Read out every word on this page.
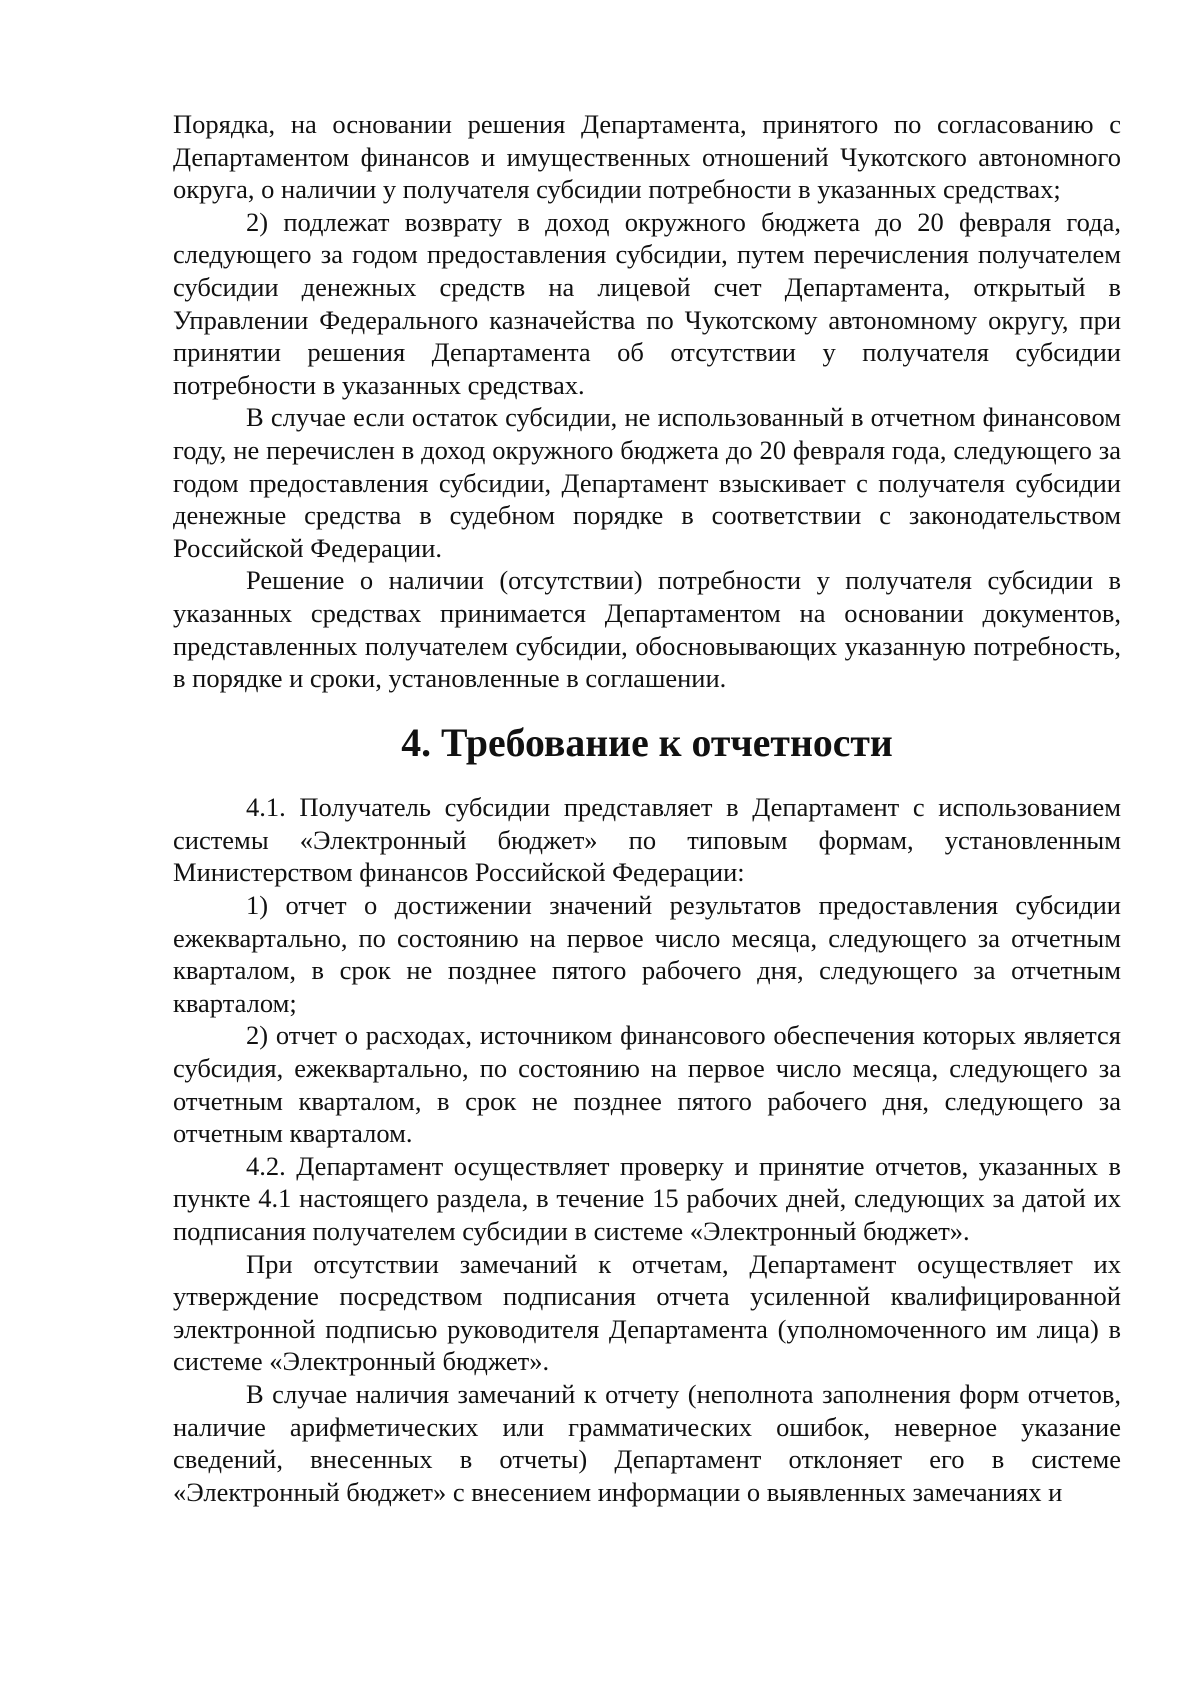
Порядка, на основании решения Департамента, принятого по согласованию с Департаментом финансов и имущественных отношений Чукотского автономного округа, о наличии у получателя субсидии потребности в указанных средствах;

2) подлежат возврату в доход окружного бюджета до 20 февраля года, следующего за годом предоставления субсидии, путем перечисления получателем субсидии денежных средств на лицевой счет Департамента, открытый в Управлении Федерального казначейства по Чукотскому автономному округу, при принятии решения Департамента об отсутствии у получателя субсидии потребности в указанных средствах.

В случае если остаток субсидии, не использованный в отчетном финансовом году, не перечислен в доход окружного бюджета до 20 февраля года, следующего за годом предоставления субсидии, Департамент взыскивает с получателя субсидии денежные средства в судебном порядке в соответствии с законодательством Российской Федерации.

Решение о наличии (отсутствии) потребности у получателя субсидии в указанных средствах принимается Департаментом на основании документов, представленных получателем субсидии, обосновывающих указанную потребность, в порядке и сроки, установленные в соглашении.

4. Требование к отчетности

4.1. Получатель субсидии представляет в Департамент с использованием системы «Электронный бюджет» по типовым формам, установленным Министерством финансов Российской Федерации:

1) отчет о достижении значений результатов предоставления субсидии ежеквартально, по состоянию на первое число месяца, следующего за отчетным кварталом, в срок не позднее пятого рабочего дня, следующего за отчетным кварталом;

2) отчет о расходах, источником финансового обеспечения которых является субсидия, ежеквартально, по состоянию на первое число месяца, следующего за отчетным кварталом, в срок не позднее пятого рабочего дня, следующего за отчетным кварталом.

4.2. Департамент осуществляет проверку и принятие отчетов, указанных в пункте 4.1 настоящего раздела, в течение 15 рабочих дней, следующих за датой их подписания получателем субсидии в системе «Электронный бюджет».

При отсутствии замечаний к отчетам, Департамент осуществляет их утверждение посредством подписания отчета усиленной квалифицированной электронной подписью руководителя Департамента (уполномоченного им лица) в системе «Электронный бюджет».

В случае наличия замечаний к отчету (неполнота заполнения форм отчетов, наличие арифметических или грамматических ошибок, неверное указание сведений, внесенных в отчеты) Департамент отклоняет его в системе «Электронный бюджет» с внесением информации о выявленных замечаниях и
